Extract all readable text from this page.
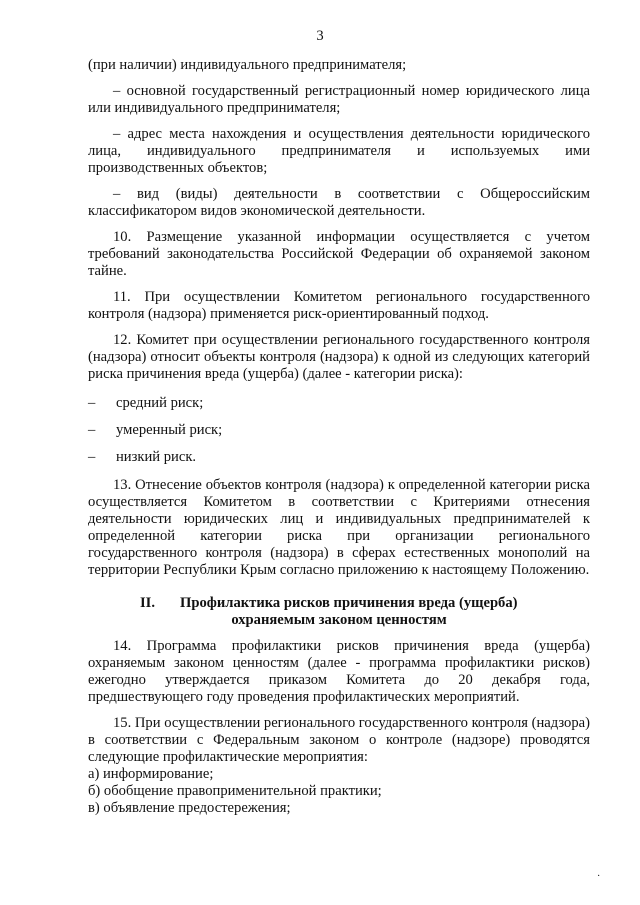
3

(при наличии) индивидуального предпринимателя;

– основной государственный регистрационный номер юридического лица или индивидуального предпринимателя;

– адрес места нахождения и осуществления деятельности юридического лица, индивидуального предпринимателя и используемых ими производственных объектов;

– вид (виды) деятельности в соответствии с Общероссийским классификатором видов экономической деятельности.

10. Размещение указанной информации осуществляется с учетом требований законодательства Российской Федерации об охраняемой законом тайне.

11. При осуществлении Комитетом регионального государственного контроля (надзора) применяется риск-ориентированный подход.

12. Комитет при осуществлении регионального государственного контроля (надзора) относит объекты контроля (надзора) к одной из следующих категорий риска причинения вреда (ущерба) (далее - категории риска):

– средний риск;

– умеренный риск;

– низкий риск.

13. Отнесение объектов контроля (надзора) к определенной категории риска осуществляется Комитетом в соответствии с Критериями отнесения деятельности юридических лиц и индивидуальных предпринимателей к определенной категории риска при организации регионального государственного контроля (надзора) в сферах естественных монополий на территории Республики Крым согласно приложению к настоящему Положению.

II.	Профилактика рисков причинения вреда (ущерба)
охраняемым законом ценностям

14. Программа профилактики рисков причинения вреда (ущерба) охраняемым законом ценностям (далее - программа профилактики рисков) ежегодно утверждается приказом Комитета до 20 декабря года, предшествующего году проведения профилактических мероприятий.

15. При осуществлении регионального государственного контроля (надзора) в соответствии с Федеральным законом о контроле (надзоре) проводятся следующие профилактические мероприятия:

а) информирование;

б) обобщение правоприменительной практики;

в) объявление предостережения;

·
